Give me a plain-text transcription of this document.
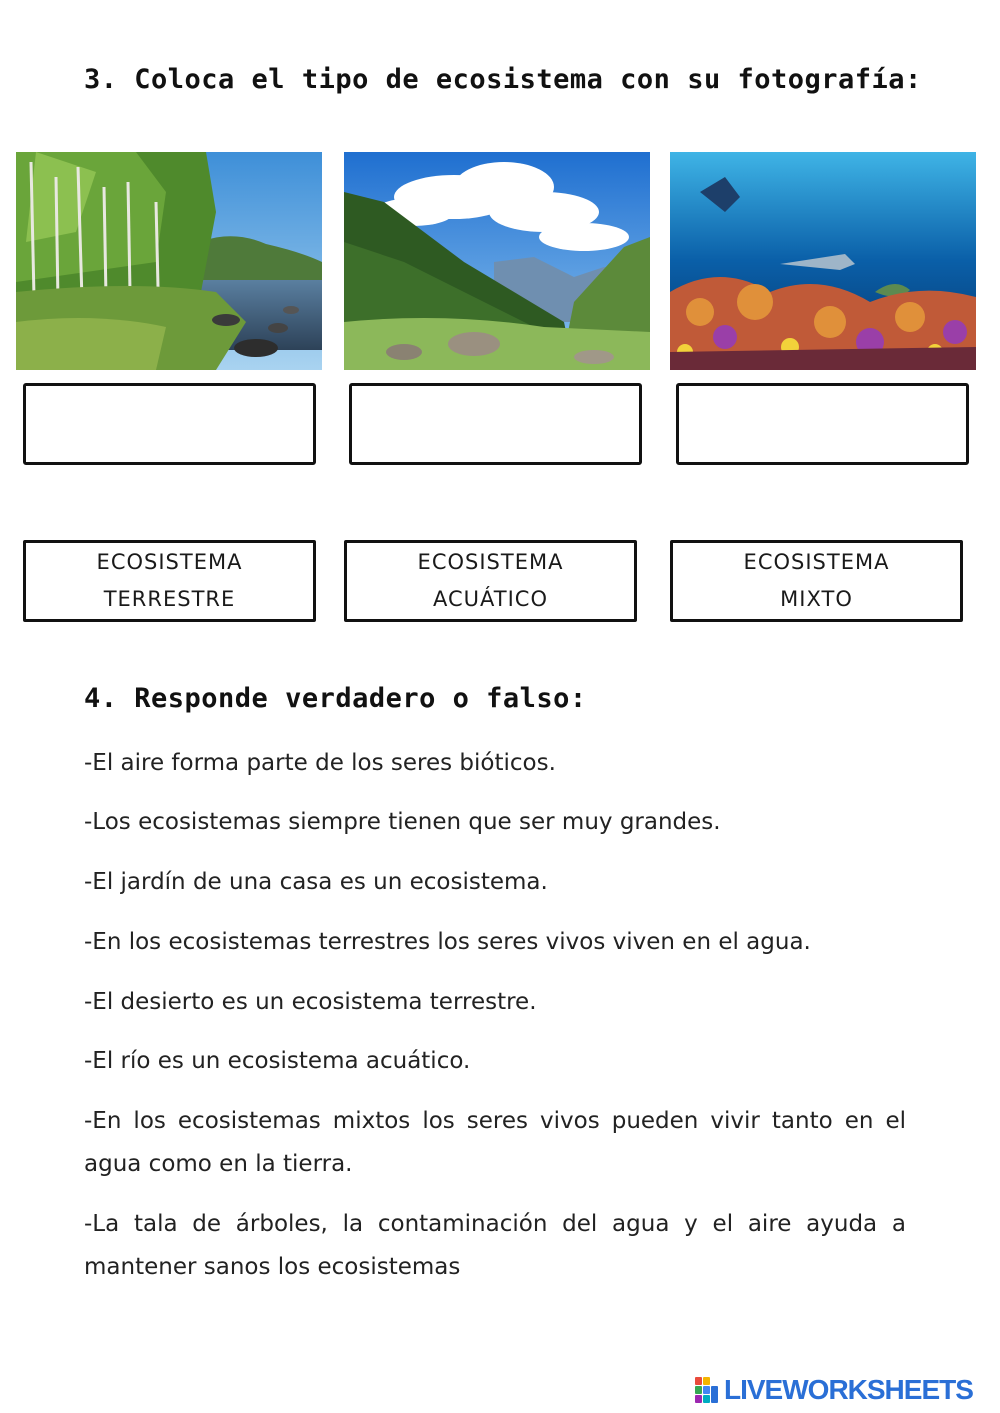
3. Coloca el tipo de ecosistema con su fotografía:
ECOSISTEMA
TERRESTRE
ECOSISTEMA
ACUÁTICO
ECOSISTEMA
MIXTO
4. Responde verdadero o falso:
-El aire forma parte de los seres bióticos.
-Los ecosistemas siempre tienen que ser muy grandes.
-El jardín de una casa es un ecosistema.
-En los ecosistemas terrestres los seres vivos viven en el agua.
-El desierto es un ecosistema terrestre.
-El río es un ecosistema acuático.
-En los ecosistemas mixtos los seres vivos pueden vivir tanto en el agua como en la tierra.
-La tala de árboles, la contaminación del agua y el aire ayuda a mantener sanos los ecosistemas
LIVEWORKSHEETS
